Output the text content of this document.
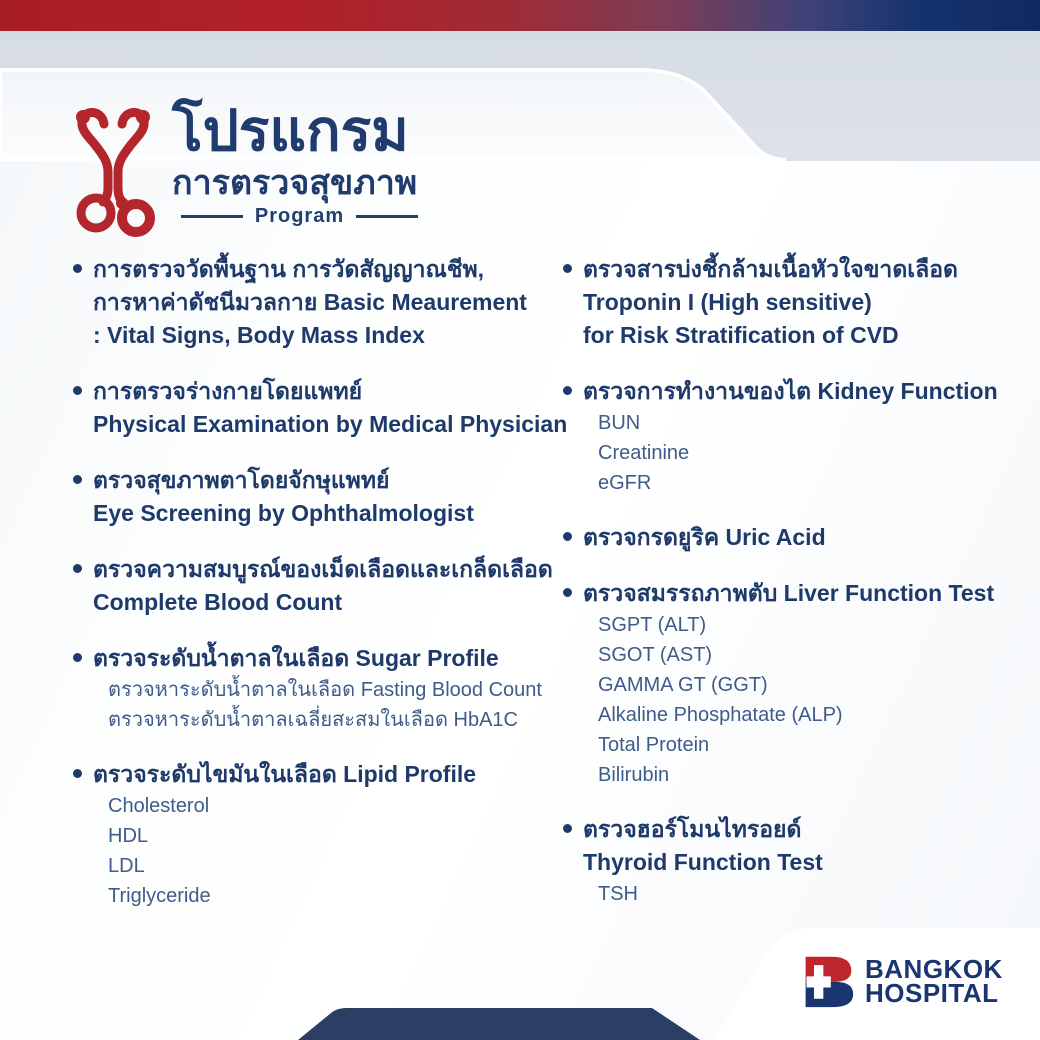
โปรแกรม
การตรวจสุขภาพ
Program
การตรวจวัดพื้นฐาน การวัดสัญญาณชีพ,
การหาค่าดัชนีมวลกาย Basic Meaurement
: Vital Signs, Body Mass Index
การตรวจร่างกายโดยแพทย์
Physical Examination by Medical Physician
ตรวจสุขภาพตาโดยจักษุแพทย์
Eye Screening by Ophthalmologist
ตรวจความสมบูรณ์ของเม็ดเลือดและเกล็ดเลือด
Complete Blood Count
ตรวจระดับน้ำตาลในเลือด Sugar Profile
ตรวจหาระดับน้ำตาลในเลือด Fasting Blood Count
ตรวจหาระดับน้ำตาลเฉลี่ยสะสมในเลือด HbA1C
ตรวจระดับไขมันในเลือด Lipid Profile
Cholesterol
HDL
LDL
Triglyceride
ตรวจสารบ่งชี้กล้ามเนื้อหัวใจขาดเลือด
Troponin I (High sensitive)
for Risk Stratification of CVD
ตรวจการทำงานของไต Kidney Function
BUN
Creatinine
eGFR
ตรวจกรดยูริค Uric Acid
ตรวจสมรรถภาพตับ Liver Function Test
SGPT (ALT)
SGOT (AST)
GAMMA GT (GGT)
Alkaline Phosphatate (ALP)
Total Protein
Bilirubin
ตรวจฮอร์โมนไทรอยด์
Thyroid Function Test
TSH
BANGKOK
HOSPITAL
